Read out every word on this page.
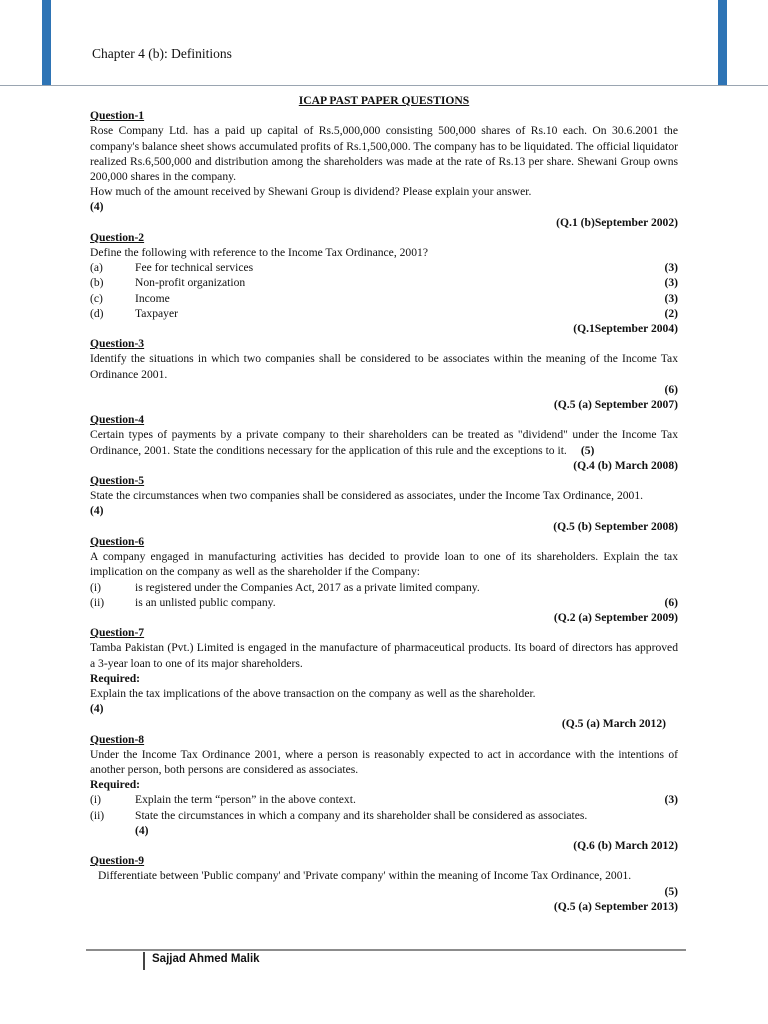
Chapter 4 (b): Definitions
ICAP PAST PAPER QUESTIONS
Question-1
Rose Company Ltd. has a paid up capital of Rs.5,000,000 consisting 500,000 shares of Rs.10 each. On 30.6.2001 the company's balance sheet shows accumulated profits of Rs.1,500,000. The company has to be liquidated. The official liquidator realized Rs.6,500,000 and distribution among the shareholders was made at the rate of Rs.13 per share. Shewani Group owns 200,000 shares in the company.
How much of the amount received by Shewani Group is dividend? Please explain your answer.
(4)
(Q.1 (b)September 2002)
Question-2
Define the following with reference to the Income Tax Ordinance, 2001?
(a)	Fee for technical services	(3)
(b)	Non-profit organization	(3)
(c)	Income	(3)
(d)	Taxpayer	(2)
(Q.1September 2004)
Question-3
Identify the situations in which two companies shall be considered to be associates within the meaning of the Income Tax Ordinance 2001.
(6)
(Q.5 (a) September 2007)
Question-4
Certain types of payments by a private company to their shareholders can be treated as "dividend" under the Income Tax Ordinance, 2001. State the conditions necessary for the application of this rule and the exceptions to it. (5)
(Q.4 (b) March 2008)
Question-5
State the circumstances when two companies shall be considered as associates, under the Income Tax Ordinance, 2001.
(4)
(Q.5 (b) September 2008)
Question-6
A company engaged in manufacturing activities has decided to provide loan to one of its shareholders. Explain the tax implication on the company as well as the shareholder if the Company:
(i)	is registered under the Companies Act, 2017 as a private limited company.
(ii)	is an unlisted public company.	(6)
(Q.2 (a) September 2009)
Question-7
Tamba Pakistan (Pvt.) Limited is engaged in the manufacture of pharmaceutical products. Its board of directors has approved a 3-year loan to one of its major shareholders.
Required:
Explain the tax implications of the above transaction on the company as well as the shareholder.
(4)
(Q.5 (a) March 2012)
Question-8
Under the Income Tax Ordinance 2001, where a person is reasonably expected to act in accordance with the intentions of another person, both persons are considered as associates.
Required:
(i)	Explain the term “person” in the above context.	(3)
(ii)	State the circumstances in which a company and its shareholder shall be considered as associates.
(4)
(Q.6 (b) March 2012)
Question-9
Differentiate between 'Public company' and 'Private company' within the meaning of Income Tax Ordinance, 2001.
(5)
(Q.5 (a) September 2013)
Sajjad Ahmed Malik
